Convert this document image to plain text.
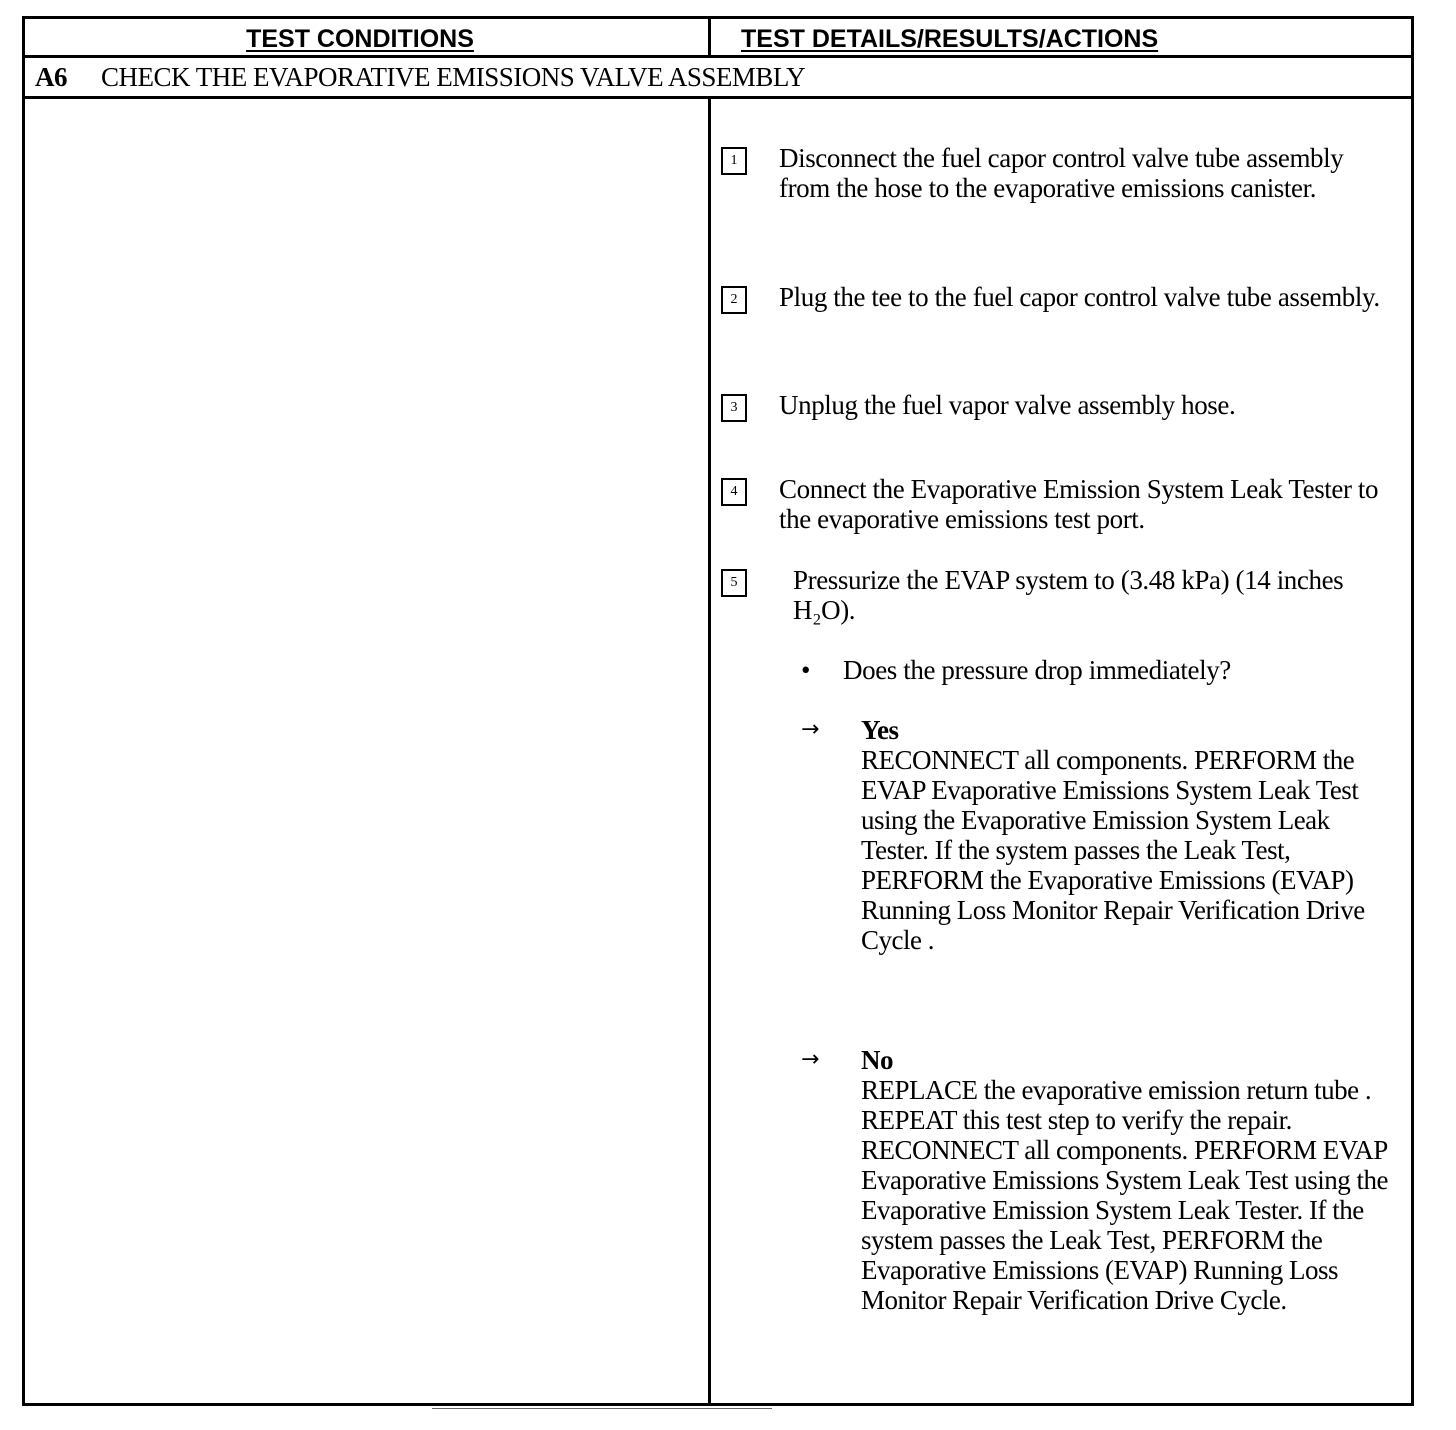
TEST CONDITIONS	TEST DETAILS/RESULTS/ACTIONS
A6 CHECK THE EVAPORATIVE EMISSIONS VALVE ASSEMBLY
1	Disconnect the fuel capor control valve tube assembly from the hose to the evaporative emissions canister.
2	Plug the tee to the fuel capor control valve tube assembly.
3	Unplug the fuel vapor valve assembly hose.
4	Connect the Evaporative Emission System Leak Tester to the evaporative emissions test port.
5	Pressurize the EVAP system to (3.48 kPa) (14 inches H₂O).
• Does the pressure drop immediately?
→ Yes
RECONNECT all components. PERFORM the EVAP Evaporative Emissions System Leak Test using the Evaporative Emission System Leak Tester. If the system passes the Leak Test, PERFORM the Evaporative Emissions (EVAP) Running Loss Monitor Repair Verification Drive Cycle .
→ No
REPLACE the evaporative emission return tube . REPEAT this test step to verify the repair. RECONNECT all components. PERFORM EVAP Evaporative Emissions System Leak Test using the Evaporative Emission System Leak Tester. If the system passes the Leak Test, PERFORM the Evaporative Emissions (EVAP) Running Loss Monitor Repair Verification Drive Cycle.
